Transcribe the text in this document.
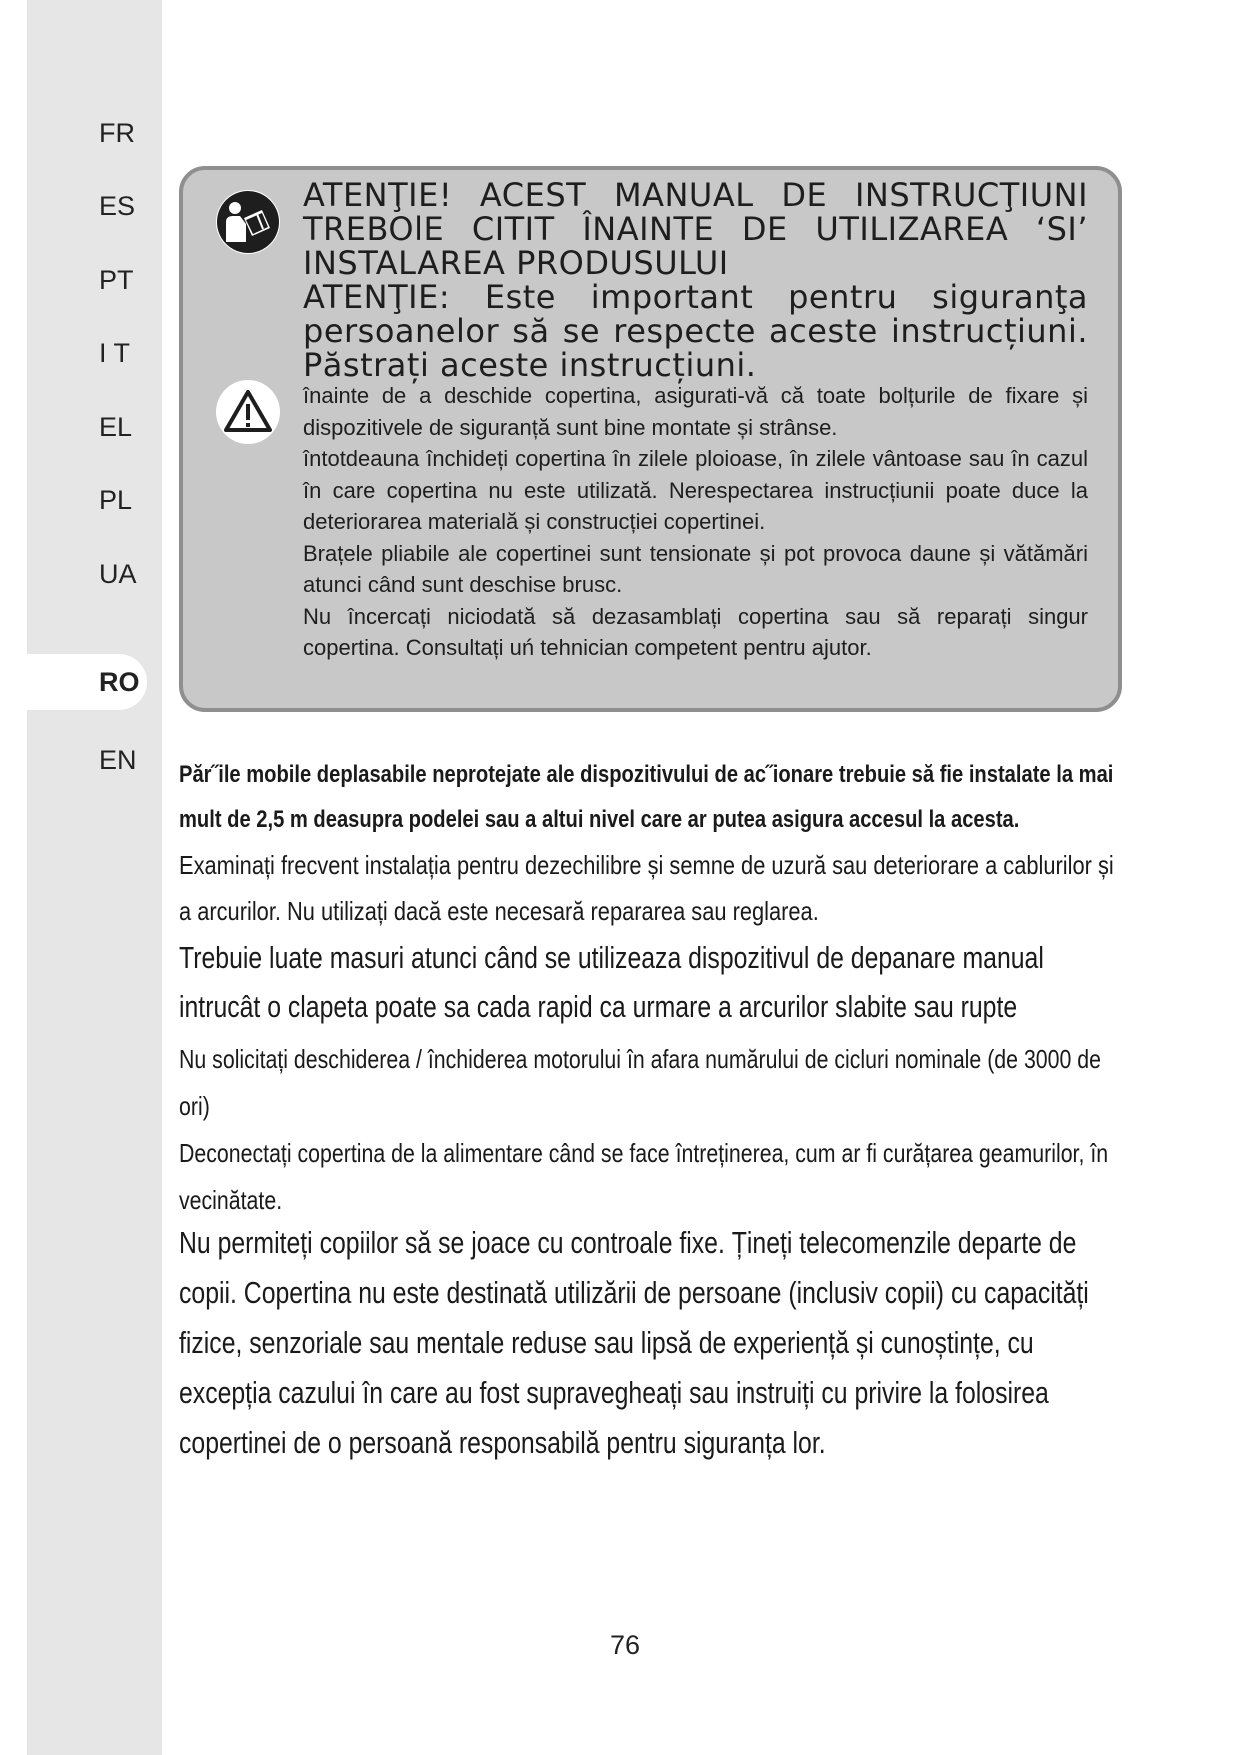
FR
ES
PT
I T
EL
PL
UA
RO
EN
ATENŢIE! ACEST MANUAL DE INSTRUCŢIUNI TREBOlE CITIT ÎNAINTE DE UTILIZAREA ‘SI’ INSTALAREA PRODUSULUI
ATENŢIE: Este important pentru siguranţa persoanelor să se respecte aceste instrucțiuni. Păstrați aceste instrucțiuni.

înainte de a deschide copertina, asigurati-vă că toate bolțurile de fixare și dispozitivele de siguranță sunt bine montate și strânse.

întotdeauna închideți copertina în zilele ploioase, în zilele vântoase sau în cazul în care copertina nu este utilizată. Nerespectarea instrucțiunii poate duce la deteriorarea materială și construcției copertinei.

Brațele pliabile ale copertinei sunt tensionate și pot provoca daune și vătămări atunci când sunt deschise brusc.

Nu încercați niciodată să dezasamblați copertina sau să reparați singur copertina. Consultați uń tehnician competent pentru ajutor.

Păr˝ile mobile deplasabile neprotejate ale dispozitivului de ac˝ionare trebuie să fie instalate la mai mult de 2,5 m deasupra podelei sau a altui nivel care ar putea asigura accesul la acesta.

Examinați frecvent instalația pentru dezechilibre și semne de uzură sau deteriorare a cablurilor și a arcurilor. Nu utilizați dacă este necesară repararea sau reglarea.

Trebuie luate masuri atunci când se utilizeaza dispozitivul de depanare manual intrucât o clapeta poate sa cada rapid ca urmare a arcurilor slabite sau rupte

Nu solicitați deschiderea / închiderea motorului în afara numărului de cicluri nominale (de 3000 de ori)

Deconectați copertina de la alimentare când se face întreținerea, cum ar fi curățarea geamurilor, în vecinătate.

Nu permiteți copiilor să se joace cu controale fixe. Țineți telecomenzile departe de copii. Copertina nu este destinată utilizării de persoane (inclusiv copii) cu capacități fizice, senzoriale sau mentale reduse sau lipsă de experiență și cunoștințe, cu excepția cazului în care au fost supravegheați sau instruiți cu privire la folosirea copertinei de o persoană responsabilă pentru siguranța lor.

76
